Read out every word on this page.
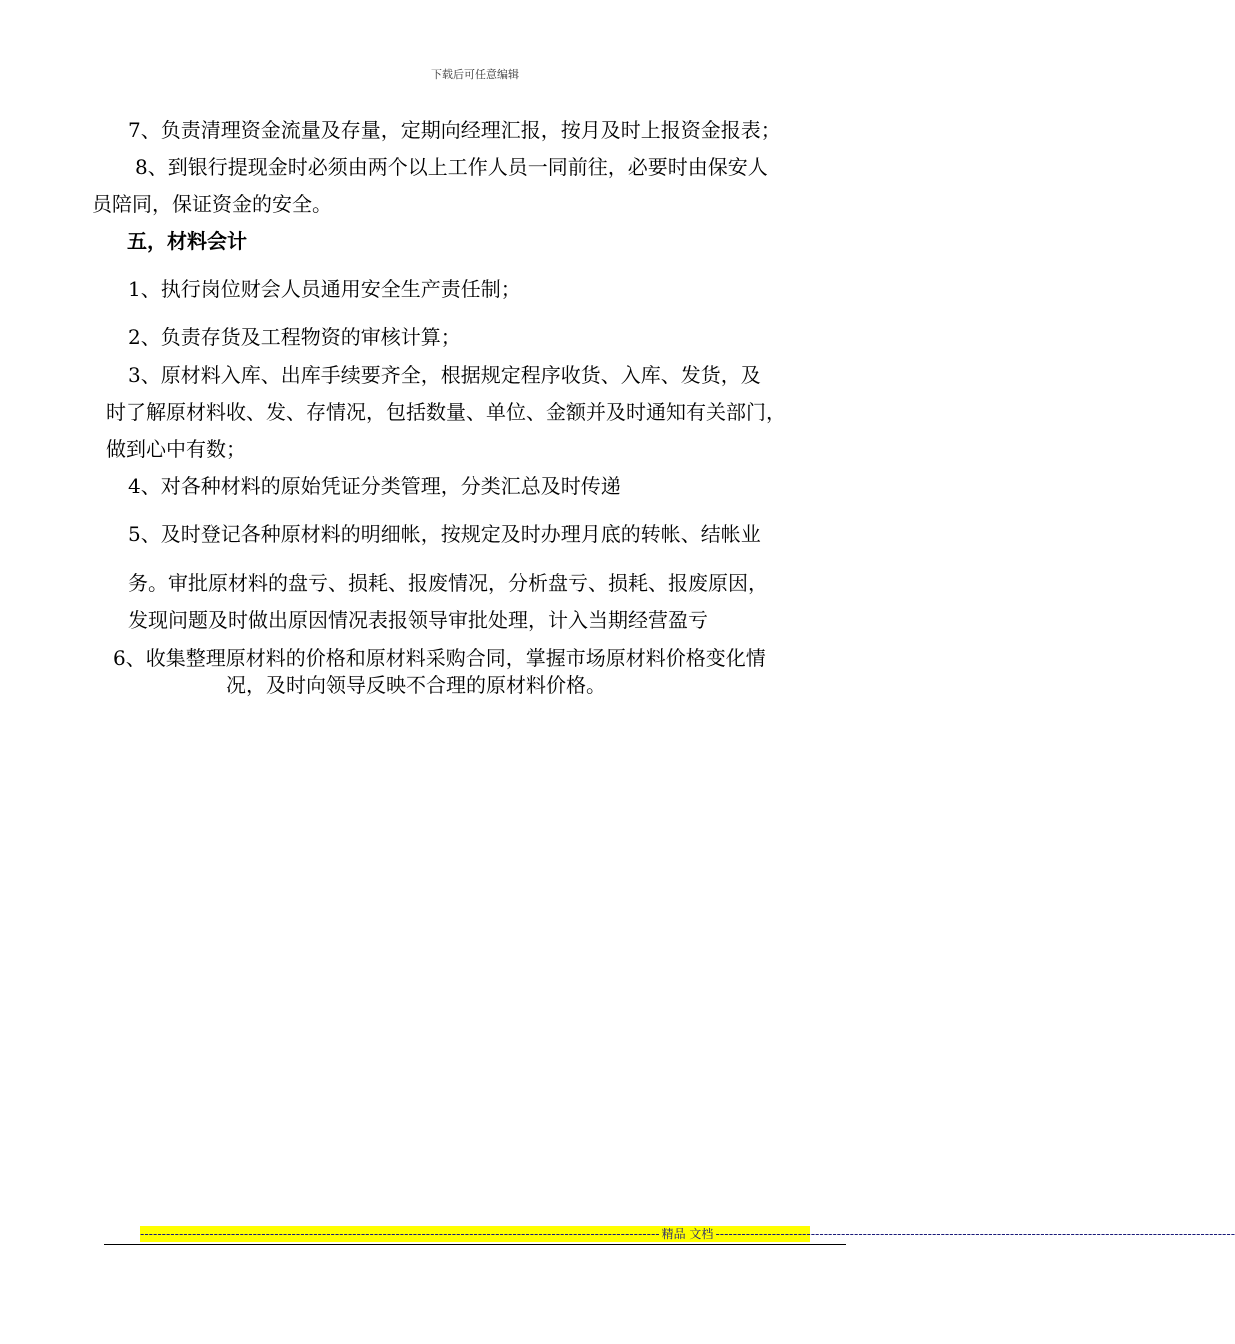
下载后可任意编辑
7、负责清理资金流量及存量，定期向经理汇报，按月及时上报资金报表；
8、到银行提现金时必须由两个以上工作人员一同前往，必要时由保安人
员陪同，保证资金的安全。
五，材料会计
1、执行岗位财会人员通用安全生产责任制；
2、负责存货及工程物资的审核计算；
3、原材料入库、出库手续要齐全，根据规定程序收货、入库、发货，及
时了解原材料收、发、存情况，包括数量、单位、金额并及时通知有关部门，
做到心中有数；
4、对各种材料的原始凭证分类管理，分类汇总及时传递
5、及时登记各种原材料的明细帐，按规定及时办理月底的转帐、结帐业
务。审批原材料的盘亏、损耗、报废情况，分析盘亏、损耗、报废原因，
发现问题及时做出原因情况表报领导审批处理，计入当期经营盈亏
6、收集整理原材料的价格和原材料采购合同，掌握市场原材料价格变化情
况，及时向领导反映不合理的原材料价格。
------------------------------------------------------------------------------------------------------------------------ 精品 文档 ------------------------------------------------------------------------------------------------------------------------
